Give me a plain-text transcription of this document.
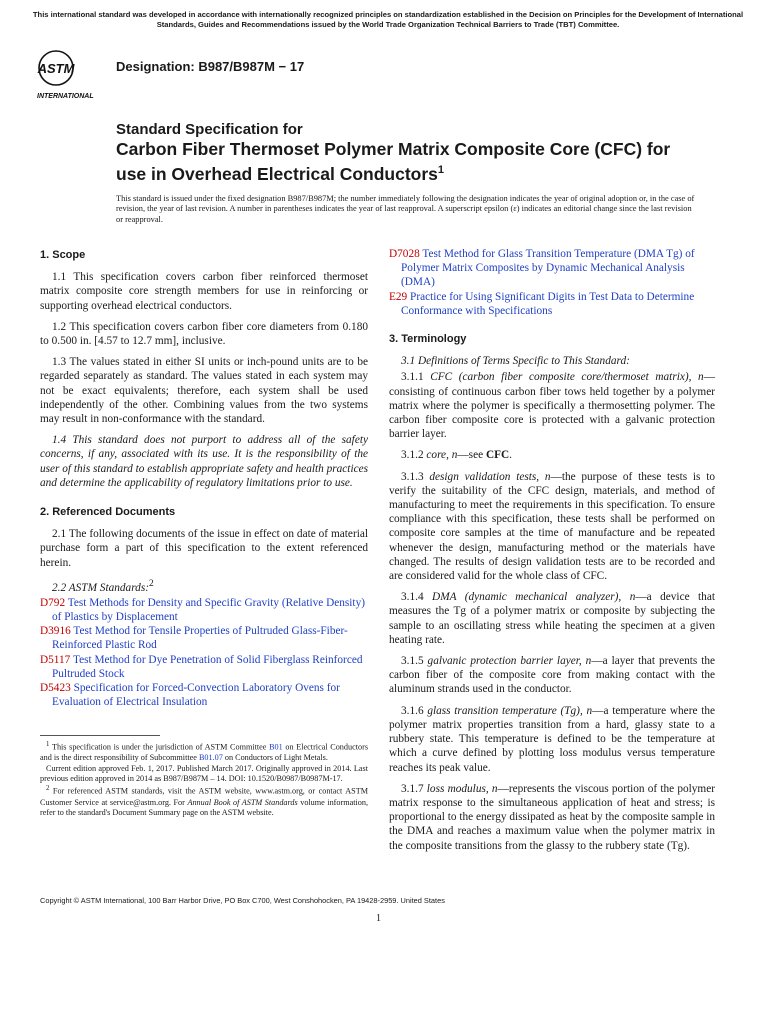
This international standard was developed in accordance with internationally recognized principles on standardization established in the Decision on Principles for the Development of International Standards, Guides and Recommendations issued by the World Trade Organization Technical Barriers to Trade (TBT) Committee.
ASTM
INTERNATIONAL
Designation: B987/B987M − 17
Standard Specification for
Carbon Fiber Thermoset Polymer Matrix Composite Core (CFC) for use in Overhead Electrical Conductors$^1$
This standard is issued under the fixed designation B987/B987M; the number immediately following the designation indicates the year of original adoption or, in the case of revision, the year of last revision. A number in parentheses indicates the year of last reapproval. A superscript epsilon (ε) indicates an editorial change since the last revision or reapproval.
1. Scope

1.1 This specification covers carbon fiber reinforced thermoset matrix composite core strength members for use in reinforcing or supporting overhead electrical conductors.

1.2 This specification covers carbon fiber core diameters from 0.180 to 0.500 in. [4.57 to 12.7 mm], inclusive.

1.3 The values stated in either SI units or inch-pound units are to be regarded separately as standard. The values stated in each system may not be exact equivalents; therefore, each system shall be used independently of the other. Combining values from the two systems may result in non-conformance with the standard.

1.4 This standard does not purport to address all of the safety concerns, if any, associated with its use. It is the responsibility of the user of this standard to establish appropriate safety and health practices and determine the applicability of regulatory limitations prior to use.

2. Referenced Documents

2.1 The following documents of the issue in effect on date of material purchase form a part of this specification to the extent referenced herein.

2.2 ASTM Standards:$^2$

D792 Test Methods for Density and Specific Gravity (Relative Density) of Plastics by Displacement
D3916 Test Method for Tensile Properties of Pultruded Glass-Fiber-Reinforced Plastic Rod
D5117 Test Method for Dye Penetration of Solid Fiberglass Reinforced Pultruded Stock
D5423 Specification for Forced-Convection Laboratory Ovens for Evaluation of Electrical Insulation

$^1$ This specification is under the jurisdiction of ASTM Committee B01 on Electrical Conductors and is the direct responsibility of Subcommittee B01.07 on Conductors of Light Metals.

Current edition approved Feb. 1, 2017. Published March 2017. Originally approved in 2014. Last previous edition approved in 2014 as B987/B987M – 14. DOI: 10.1520/B0987/B0987M-17.

$^2$ For referenced ASTM standards, visit the ASTM website, www.astm.org, or contact ASTM Customer Service at service@astm.org. For Annual Book of ASTM Standards volume information, refer to the standard's Document Summary page on the ASTM website.

D7028 Test Method for Glass Transition Temperature (DMA Tg) of Polymer Matrix Composites by Dynamic Mechanical Analysis (DMA)
E29 Practice for Using Significant Digits in Test Data to Determine Conformance with Specifications
3. Terminology

3.1 Definitions of Terms Specific to This Standard:

3.1.1 CFC (carbon fiber composite core/thermoset matrix), n—consisting of continuous carbon fiber tows held together by a polymer matrix where the polymer is specifically a thermosetting polymer. The carbon fiber composite core is protected with a galvanic protection barrier layer.

3.1.2 core, n—see CFC.

3.1.3 design validation tests, n—the purpose of these tests is to verify the suitability of the CFC design, materials, and method of manufacturing to meet the requirements in this specification. To ensure compliance with this specification, these tests shall be performed on composite core samples at the time of manufacture and be repeated whenever the design, manufacturing method or the materials have changed. The results of design validation tests are to be recorded and are considered valid for the whole class of CFC.

3.1.4 DMA (dynamic mechanical analyzer), n—a device that measures the Tg of a polymer matrix or composite by subjecting the sample to an oscillating stress while heating the specimen at a given heating rate.

3.1.5 galvanic protection barrier layer, n—a layer that prevents the carbon fiber of the composite core from making contact with the aluminum strands used in the conductor.

3.1.6 glass transition temperature (Tg), n—a temperature where the polymer matrix properties transition from a hard, glassy state to a rubbery state. This temperature is defined to be the temperature at which a curve defined by plotting loss modulus versus temperature reaches its peak value.

3.1.7 loss modulus, n—represents the viscous portion of the polymer matrix response to the simultaneous application of heat and stress; is proportional to the energy dissipated as heat by the composite sample in the DMA and reaches a maximum value when the polymer matrix in the composite transitions from the glassy to the rubbery state (Tg).

Copyright © ASTM International, 100 Barr Harbor Drive, PO Box C700, West Conshohocken, PA 19428-2959. United States
1
